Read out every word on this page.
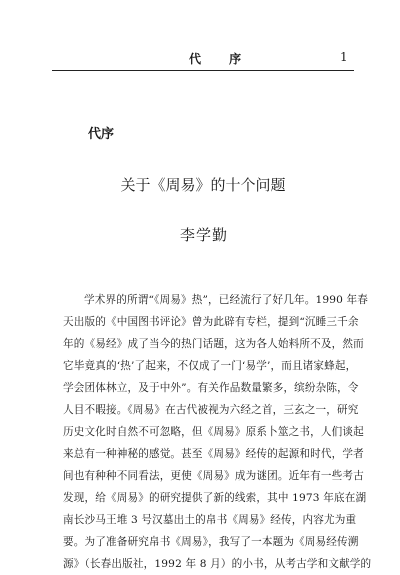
代 序	1
代序
关于《周易》的十个问题
李学勤
学术界的所谓“《周易》热”，已经流行了好几年。1990 年春
天出版的《中国图书评论》曾为此辟有专栏，提到“沉睡三千余
年的《易经》成了当今的热门话题，这为各人始料所不及，然而
它毕竟真的‘热’了起来，不仅成了一门‘易学’，而且诸家蜂起，
学会团体林立，及于中外”。有关作品数量繁多，缤纷杂陈，令
人目不暇接。《周易》在古代被视为六经之首，三玄之一，研究
历史文化时自然不可忽略，但《周易》原系卜筮之书，人们谈起
来总有一种神秘的感觉。甚至《周易》经传的起源和时代，学者
间也有种种不同看法，更使《周易》成为谜团。近年有一些考古
发现，给《周易》的研究提供了新的线索，其中 1973 年底在湖
南长沙马王堆 3 号汉墓出土的帛书《周易》经传，内容尤为重
要。为了准备研究帛书《周易》，我写了一本题为《周易经传溯
源》（长春出版社，1992 年 8 月）的小书，从考古学和文献学的
